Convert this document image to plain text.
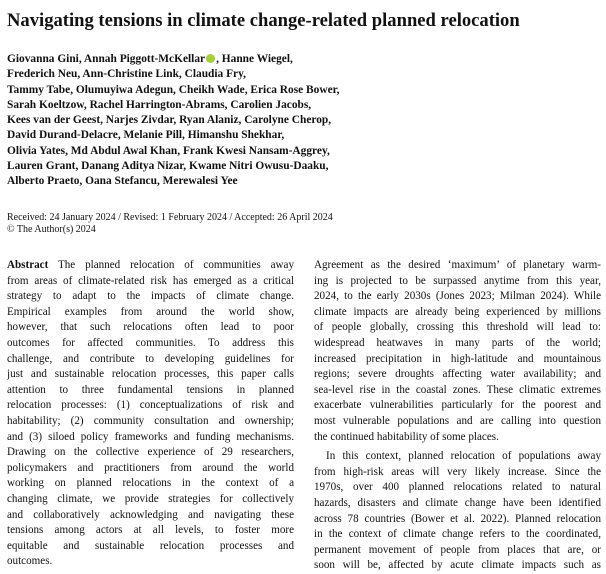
Navigating tensions in climate change-related planned relocation
Giovanna Gini, Annah Piggott-McKellar , Hanne Wiegel,
Frederich Neu, Ann-Christine Link, Claudia Fry,
Tammy Tabe, Olumuyiwa Adegun, Cheikh Wade, Erica Rose Bower,
Sarah Koeltzow, Rachel Harrington-Abrams, Carolien Jacobs,
Kees van der Geest, Narjes Zivdar, Ryan Alaniz, Carolyne Cherop,
David Durand-Delacre, Melanie Pill, Himanshu Shekhar,
Olivia Yates, Md Abdul Awal Khan, Frank Kwesi Nansam-Aggrey,
Lauren Grant, Danang Aditya Nizar, Kwame Nitri Owusu-Daaku,
Alberto Praeto, Oana Stefancu, Merewalesi Yee
Received: 24 January 2024 / Revised: 1 February 2024 / Accepted: 26 April 2024
© The Author(s) 2024
Abstract The planned relocation of communities away
from areas of climate-related risk has emerged as a critical
strategy to adapt to the impacts of climate change.
Empirical examples from around the world show,
however, that such relocations often lead to poor
outcomes for affected communities. To address this
challenge, and contribute to developing guidelines for
just and sustainable relocation processes, this paper calls
attention to three fundamental tensions in planned
relocation processes: (1) conceptualizations of risk and
habitability; (2) community consultation and ownership;
and (3) siloed policy frameworks and funding mechanisms.
Drawing on the collective experience of 29 researchers,
policymakers and practitioners from around the world
working on planned relocations in the context of a
changing climate, we provide strategies for collectively
and collaboratively acknowledging and navigating these
tensions among actors at all levels, to foster more
equitable and sustainable relocation processes and
outcomes.
Agreement as the desired ‘maximum’ of planetary warm-
ing is projected to be surpassed anytime from this year,
2024, to the early 2030s (Jones 2023; Milman 2024). While
climate impacts are already being experienced by millions
of people globally, crossing this threshold will lead to:
widespread heatwaves in many parts of the world;
increased precipitation in high-latitude and mountainous
regions; severe droughts affecting water availability; and
sea-level rise in the coastal zones. These climatic extremes
exacerbate vulnerabilities particularly for the poorest and
most vulnerable populations and are calling into question
the continued habitability of some places.
In this context, planned relocation of populations away
from high-risk areas will very likely increase. Since the
1970s, over 400 planned relocations related to natural
hazards, disasters and climate change have been identified
across 78 countries (Bower et al. 2022). Planned relocation
in the context of climate change refers to the coordinated,
permanent movement of people from places that are, or
soon will be, affected by acute climate impacts such as
